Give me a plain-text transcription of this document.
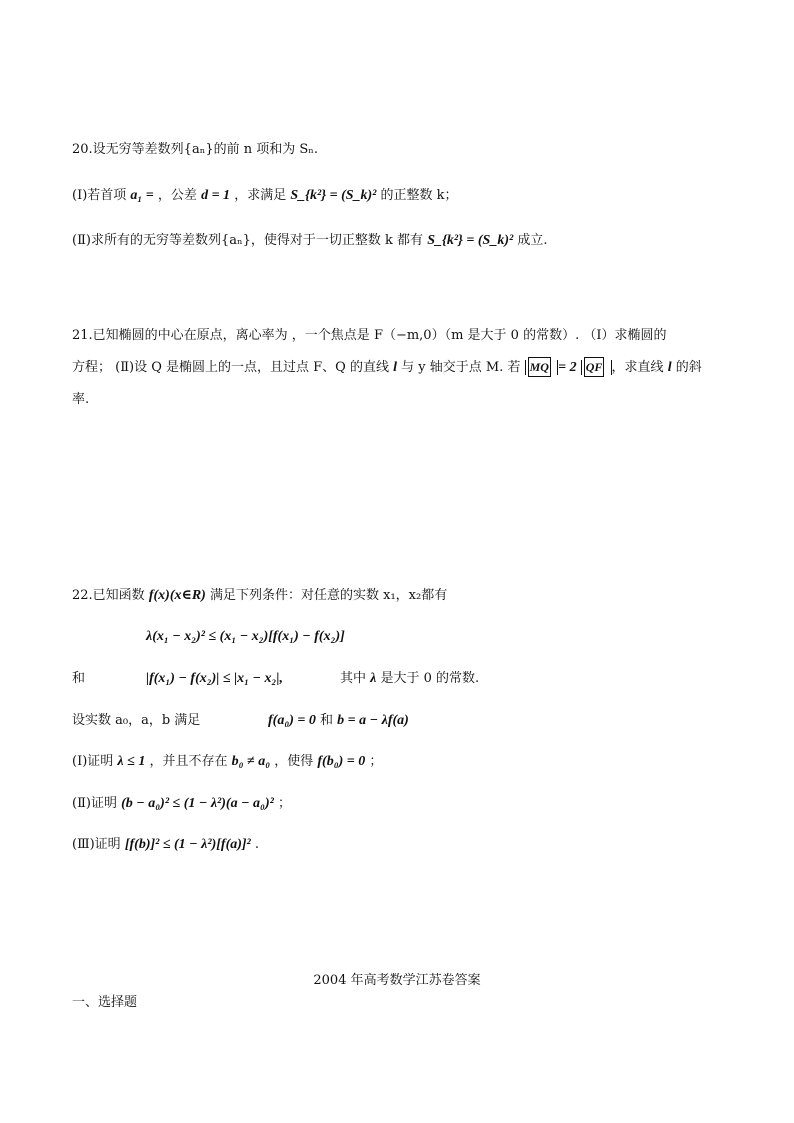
20.设无穷等差数列{aₙ}的前 n 项和为 Sₙ.
(Ⅰ)若首项 a₁ = ，公差 d = 1 ，求满足 S_{k²} = (S_k)² 的正整数 k；
(Ⅱ)求所有的无穷等差数列{aₙ}，使得对于一切正整数 k 都有 S_{k²} = (S_k)² 成立.
21.已知椭圆的中心在原点，离心率为 ，一个焦点是 F（−m,0）（m 是大于 0 的常数）. （Ⅰ）求椭圆的
方程； (Ⅱ)设 Q 是椭圆上的一点，且过点 F、Q 的直线 l 与 y 轴交于点 M. 若 MQ = 2 QF ，求直线 l 的斜
率.
22.已知函数 f(x)(x∈R) 满足下列条件：对任意的实数 x₁，x₂都有
λ(x₁ − x₂)² ≤ (x₁ − x₂)[f(x₁) − f(x₂)]
和	|f(x₁) − f(x₂)| ≤ |x₁ − x₂|,	其中 λ 是大于 0 的常数.
设实数 a₀，a，b 满足	f(a₀) = 0 和 b = a − λf(a)
(Ⅰ)证明 λ ≤ 1 ，并且不存在 b₀ ≠ a₀ ，使得 f(b₀) = 0 ；
(Ⅱ)证明 (b − a₀)² ≤ (1 − λ²)(a − a₀)² ；
(Ⅲ)证明 [f(b)]² ≤ (1 − λ²)[f(a)]² .
2004 年高考数学江苏卷答案
一、选择题
